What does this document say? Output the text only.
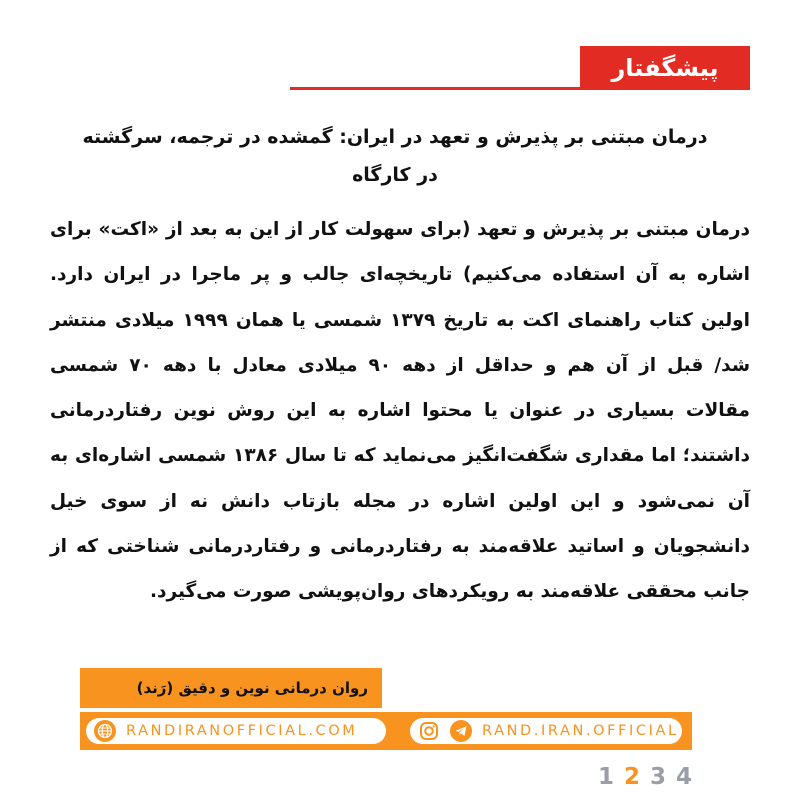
پیشگفتار
درمان مبتنی بر پذیرش و تعهد در ایران: گمشده در ترجمه، سرگشته
در کارگاه
درمان مبتنی بر پذیرش و تعهد (برای سهولت کار از این به بعد از «اکت» برای اشاره به آن استفاده می‌کنیم) تاریخچه‌ای جالب و پر ماجرا در ایران دارد. اولین کتاب راهنمای اکت به تاریخ ۱۳۷۹ شمسی یا همان ۱۹۹۹ میلادی منتشر شد/ قبل از آن هم و حداقل از دهه ۹۰ میلادی معادل با دهه ۷۰ شمسی مقالات بسیاری در عنوان یا محتوا اشاره به این روش نوین رفتاردرمانی داشتند؛ اما مقداری شگفت‌انگیز می‌نماید که تا سال ۱۳۸۶ شمسی اشاره‌ای به آن نمی‌شود و این اولین اشاره در مجله بازتاب دانش نه از سوی خیل دانشجویان و اساتید علاقه‌مند به رفتاردرمانی و رفتاردرمانی شناختی که از جانب محققی علاقه‌مند به رویکردهای روان‌پویشی صورت می‌گیرد.
روان درمانی نوین و دقیق (رَند)
RANDIRANOFFICIAL.COM	RAND.IRAN.OFFICIAL
1 2 3 4
